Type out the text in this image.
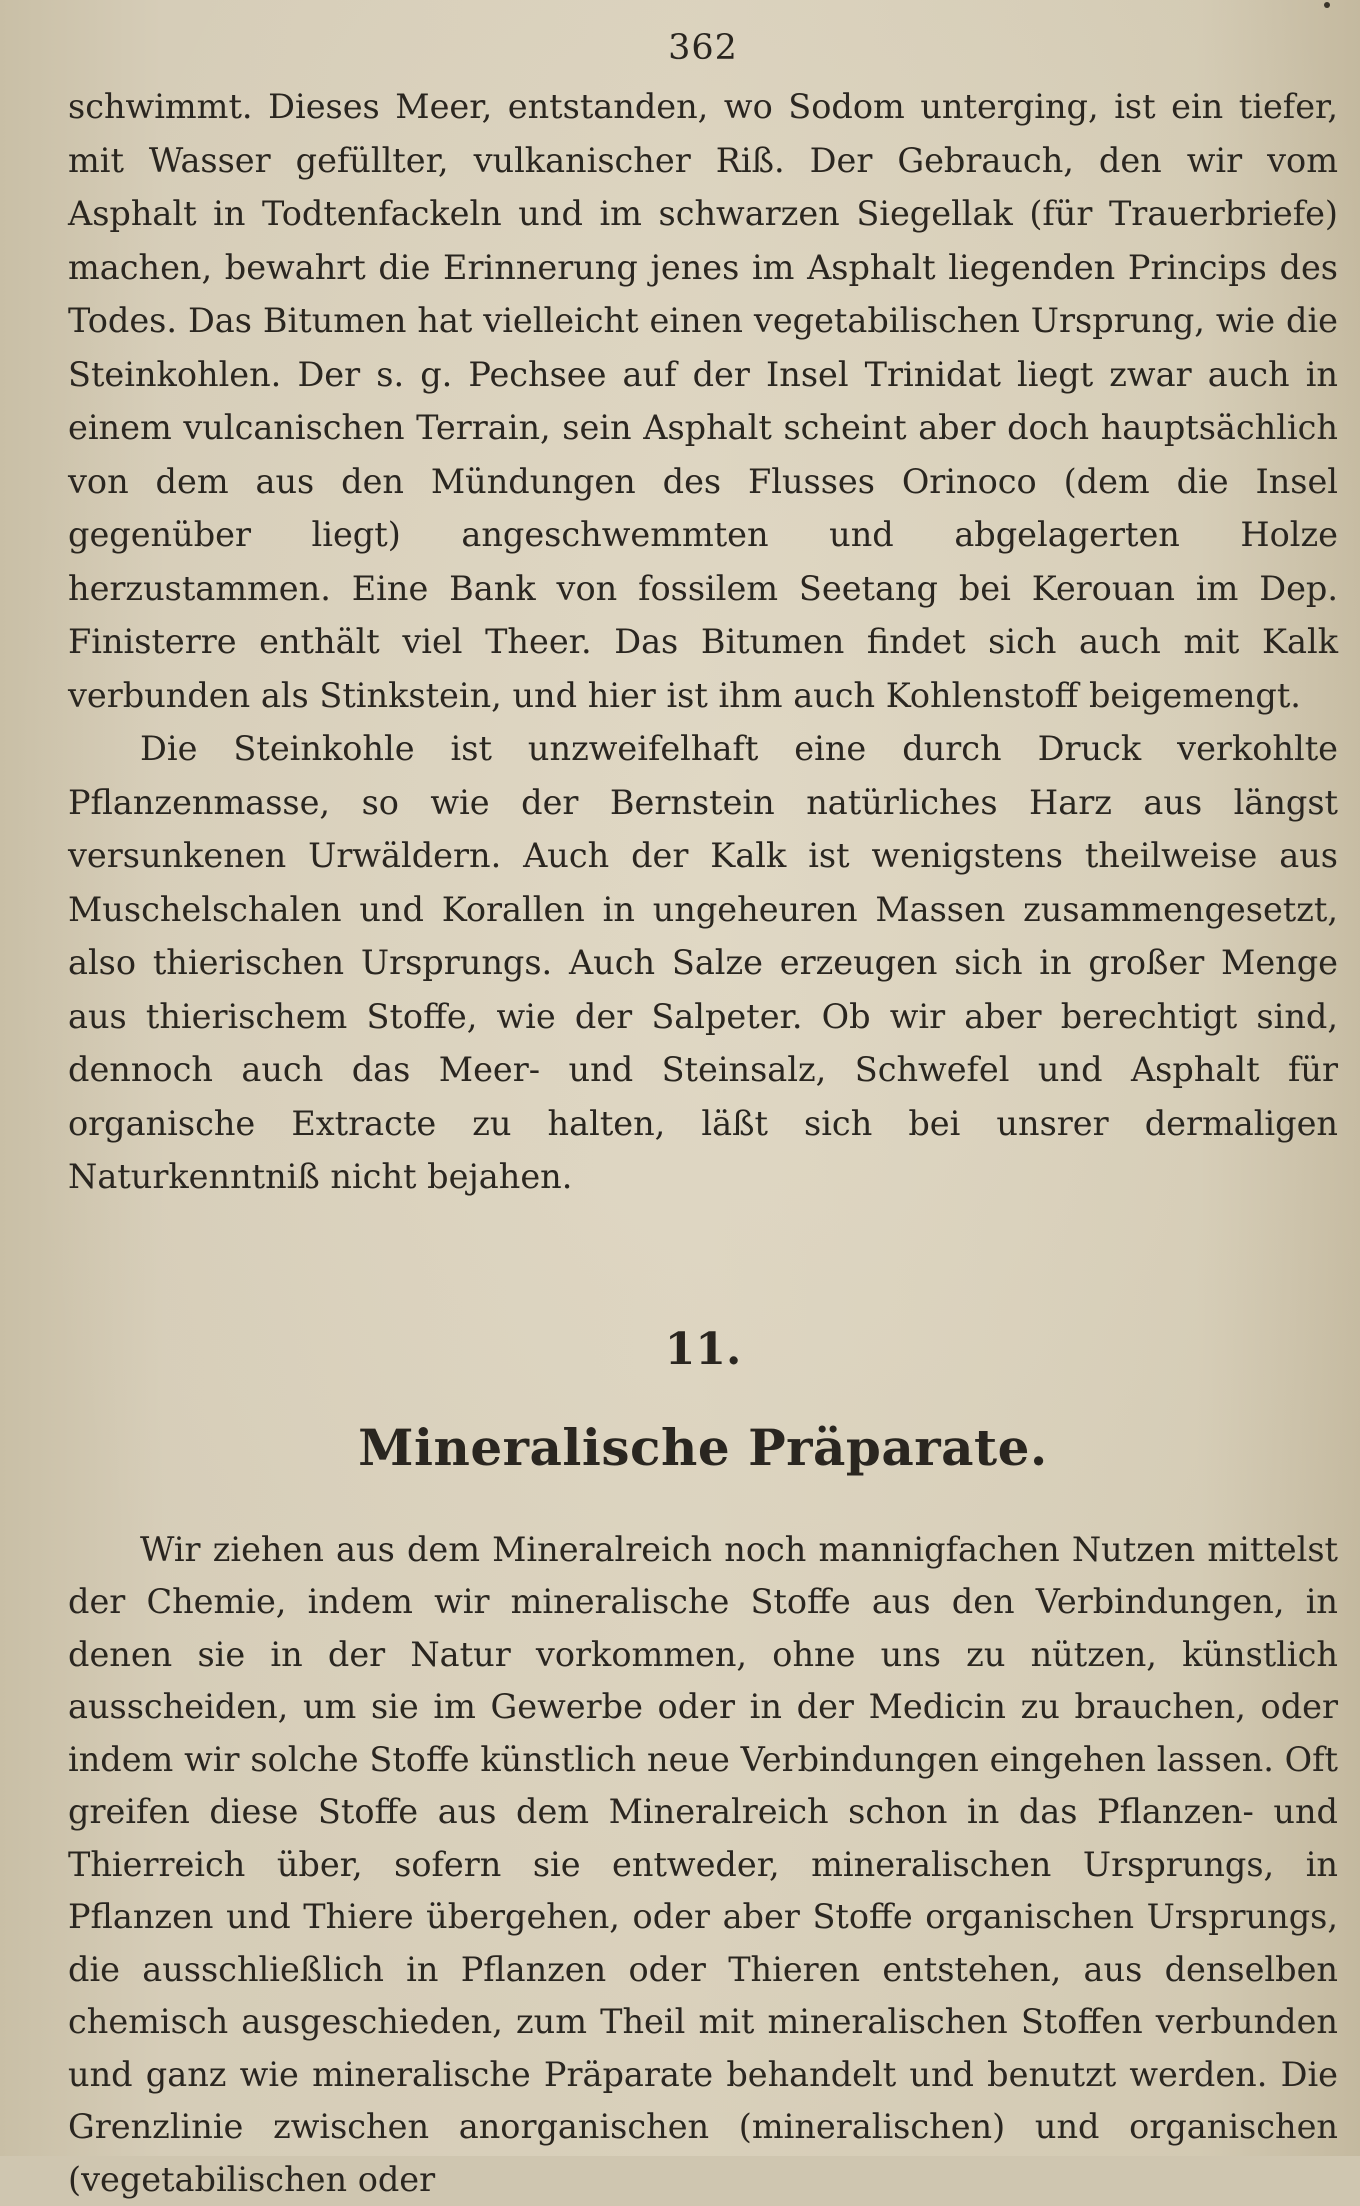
362

schwimmt. Dieses Meer, entstanden, wo Sodom unterging, ist ein tiefer, mit Wasser gefüllter, vulkanischer Riß. Der Gebrauch, den wir vom Asphalt in Todtenfackeln und im schwarzen Siegellak (für Trauerbriefe) machen, bewahrt die Erinnerung jenes im Asphalt liegenden Princips des Todes. Das Bitumen hat vielleicht einen vegetabilischen Ursprung, wie die Steinkohlen. Der s. g. Pechsee auf der Insel Trinidat liegt zwar auch in einem vulcanischen Terrain, sein Asphalt scheint aber doch hauptsächlich von dem aus den Mündungen des Flusses Orinoco (dem die Insel gegenüber liegt) angeschwemmten und abgelagerten Holze herzustammen. Eine Bank von fossilem Seetang bei Kerouan im Dep. Finisterre enthält viel Theer. Das Bitumen findet sich auch mit Kalk verbunden als Stinkstein, und hier ist ihm auch Kohlenstoff beigemengt.

Die Steinkohle ist unzweifelhaft eine durch Druck verkohlte Pflanzenmasse, so wie der Bernstein natürliches Harz aus längst versunkenen Urwäldern. Auch der Kalk ist wenigstens theilweise aus Muschelschalen und Korallen in ungeheuren Massen zusammengesetzt, also thierischen Ursprungs. Auch Salze erzeugen sich in großer Menge aus thierischem Stoffe, wie der Salpeter. Ob wir aber berechtigt sind, dennoch auch das Meer- und Steinsalz, Schwefel und Asphalt für organische Extracte zu halten, läßt sich bei unsrer dermaligen Naturkenntniß nicht bejahen.

11.
Mineralische Präparate.

Wir ziehen aus dem Mineralreich noch mannigfachen Nutzen mittelst der Chemie, indem wir mineralische Stoffe aus den Verbindungen, in denen sie in der Natur vorkommen, ohne uns zu nützen, künstlich ausscheiden, um sie im Gewerbe oder in der Medicin zu brauchen, oder indem wir solche Stoffe künstlich neue Verbindungen eingehen lassen. Oft greifen diese Stoffe aus dem Mineralreich schon in das Pflanzen- und Thierreich über, sofern sie entweder, mineralischen Ursprungs, in Pflanzen und Thiere übergehen, oder aber Stoffe organischen Ursprungs, die ausschließlich in Pflanzen oder Thieren entstehen, aus denselben chemisch ausgeschieden, zum Theil mit mineralischen Stoffen verbunden und ganz wie mineralische Präparate behandelt und benutzt werden. Die Grenzlinie zwischen anorganischen (mineralischen) und organischen (vegetabilischen oder
